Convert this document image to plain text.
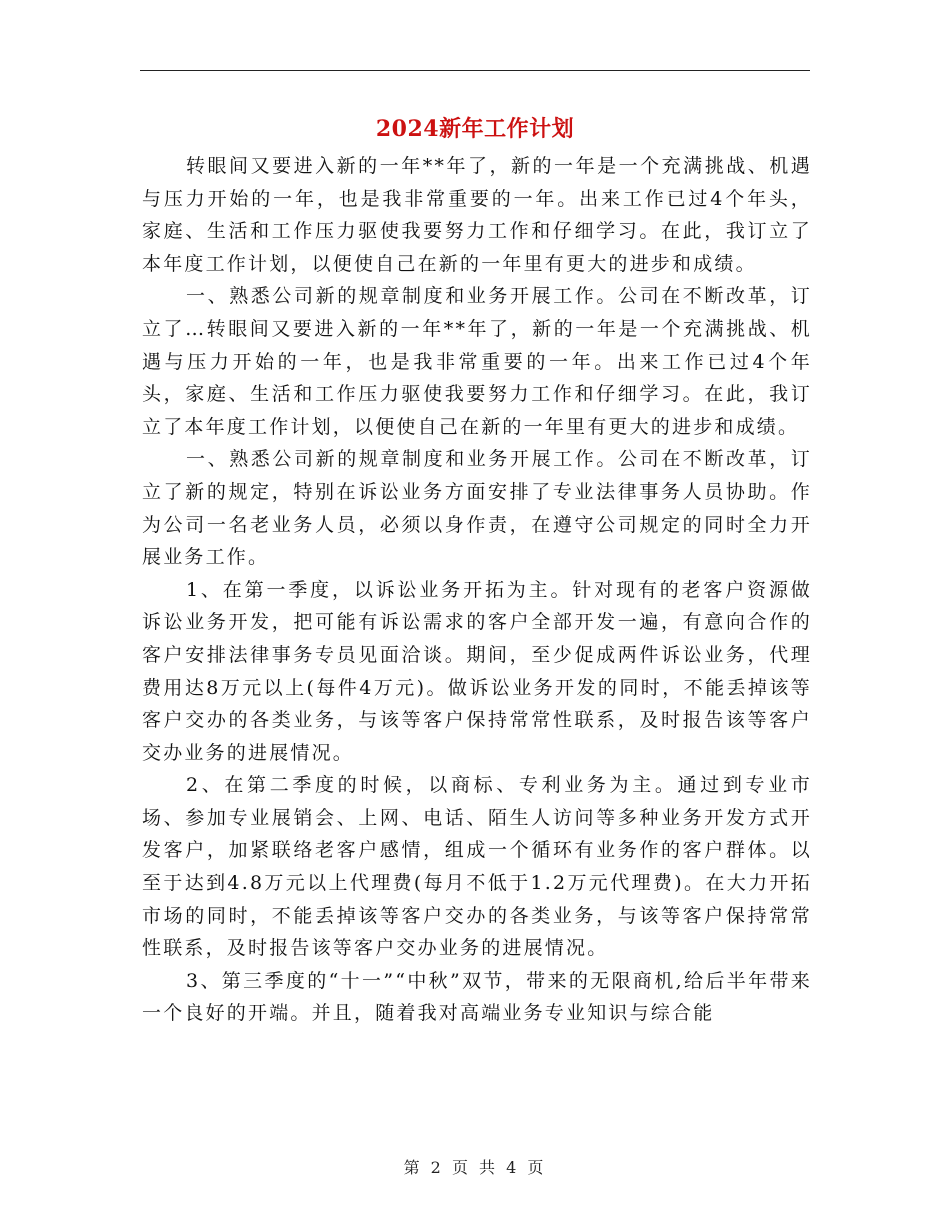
2024新年工作计划

转眼间又要进入新的一年**年了，新的一年是一个充满挑战、机遇与压力开始的一年，也是我非常重要的一年。出来工作已过4个年头，家庭、生活和工作压力驱使我要努力工作和仔细学习。在此，我订立了本年度工作计划，以便使自己在新的一年里有更大的进步和成绩。

一、熟悉公司新的规章制度和业务开展工作。公司在不断改革，订立了…转眼间又要进入新的一年**年了，新的一年是一个充满挑战、机遇与压力开始的一年，也是我非常重要的一年。出来工作已过4个年头，家庭、生活和工作压力驱使我要努力工作和仔细学习。在此，我订立了本年度工作计划，以便使自己在新的一年里有更大的进步和成绩。

一、熟悉公司新的规章制度和业务开展工作。公司在不断改革，订立了新的规定，特别在诉讼业务方面安排了专业法律事务人员协助。作为公司一名老业务人员，必须以身作责，在遵守公司规定的同时全力开展业务工作。

1、在第一季度，以诉讼业务开拓为主。针对现有的老客户资源做诉讼业务开发，把可能有诉讼需求的客户全部开发一遍，有意向合作的客户安排法律事务专员见面洽谈。期间，至少促成两件诉讼业务，代理费用达8万元以上(每件4万元)。做诉讼业务开发的同时，不能丢掉该等客户交办的各类业务，与该等客户保持常常性联系，及时报告该等客户交办业务的进展情况。

2、在第二季度的时候，以商标、专利业务为主。通过到专业市场、参加专业展销会、上网、电话、陌生人访问等多种业务开发方式开发客户，加紧联络老客户感情，组成一个循环有业务作的客户群体。以至于达到4.8万元以上代理费(每月不低于1.2万元代理费)。在大力开拓市场的同时，不能丢掉该等客户交办的各类业务，与该等客户保持常常性联系，及时报告该等客户交办业务的进展情况。

3、第三季度的“十一”“中秋”双节，带来的无限商机,给后半年带来一个良好的开端。并且，随着我对高端业务专业知识与综合能

第 2 页 共 4 页
